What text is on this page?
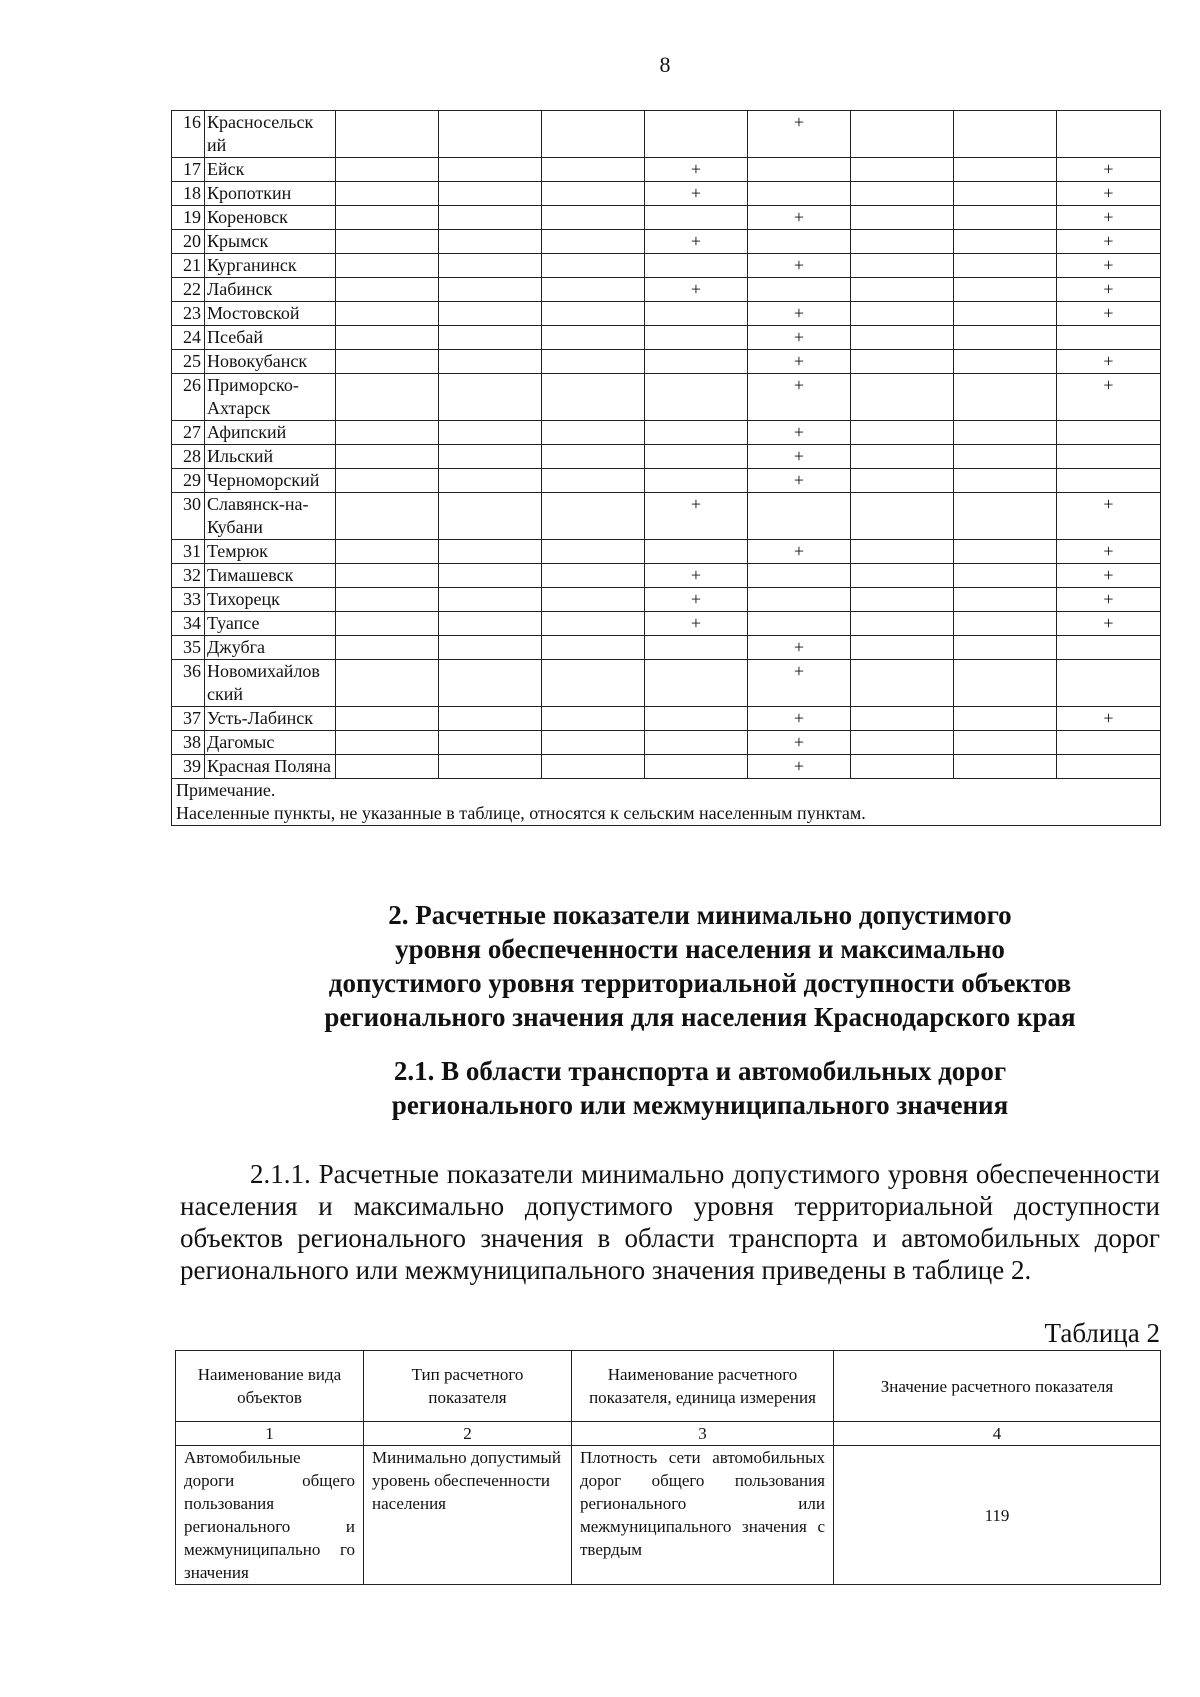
8
16	Красносельск ий					+			
17	Ейск				+				+
18	Кропоткин				+				+
19	Кореновск					+			+
20	Крымск				+				+
21	Курганинск					+			+
22	Лабинск				+				+
23	Мостовской					+			+
24	Псебай					+			
25	Новокубанск					+			+
26	Приморско- Ахтарск					+			+
27	Афипский					+			
28	Ильский					+			
29	Черноморский					+			
30	Славянск-на- Кубани				+				+
31	Темрюк					+			+
32	Тимашевск				+				+
33	Тихорецк				+				+
34	Туапсе				+				+
35	Джубга					+			
36	Новомихайлов ский					+			
37	Усть-Лабинск					+			+
38	Дагомыс					+			
39	Красная Поляна					+			

Примечание.
Населенные пункты, не указанные в таблице, относятся к сельским населенным пунктам.									
2. Расчетные показатели минимально допустимого
уровня обеспеченности населения и максимально
допустимого уровня территориальной доступности объектов
регионального значения для населения Краснодарского края
2.1. В области транспорта и автомобильных дорог
регионального или межмуниципального значения
2.1.1. Расчетные показатели минимально допустимого уровня обеспеченности населения и максимально допустимого уровня территориальной доступности объектов регионального значения в области транспорта и автомобильных дорог регионального или межмуниципального значения приведены в таблице 2.
Таблица 2
Наименование вида объектов	Тип расчетного показателя	Наименование расчетного показателя, единица измерения	Значение расчетного показателя
1	2	3	4
Автомобильные дороги общего пользования регионального и межмуниципально го значения	Минимально допустимый уровень обеспеченности населения	Плотность сети автомобильных дорог общего пользования регионального или межмуниципального значения с твердым	119
